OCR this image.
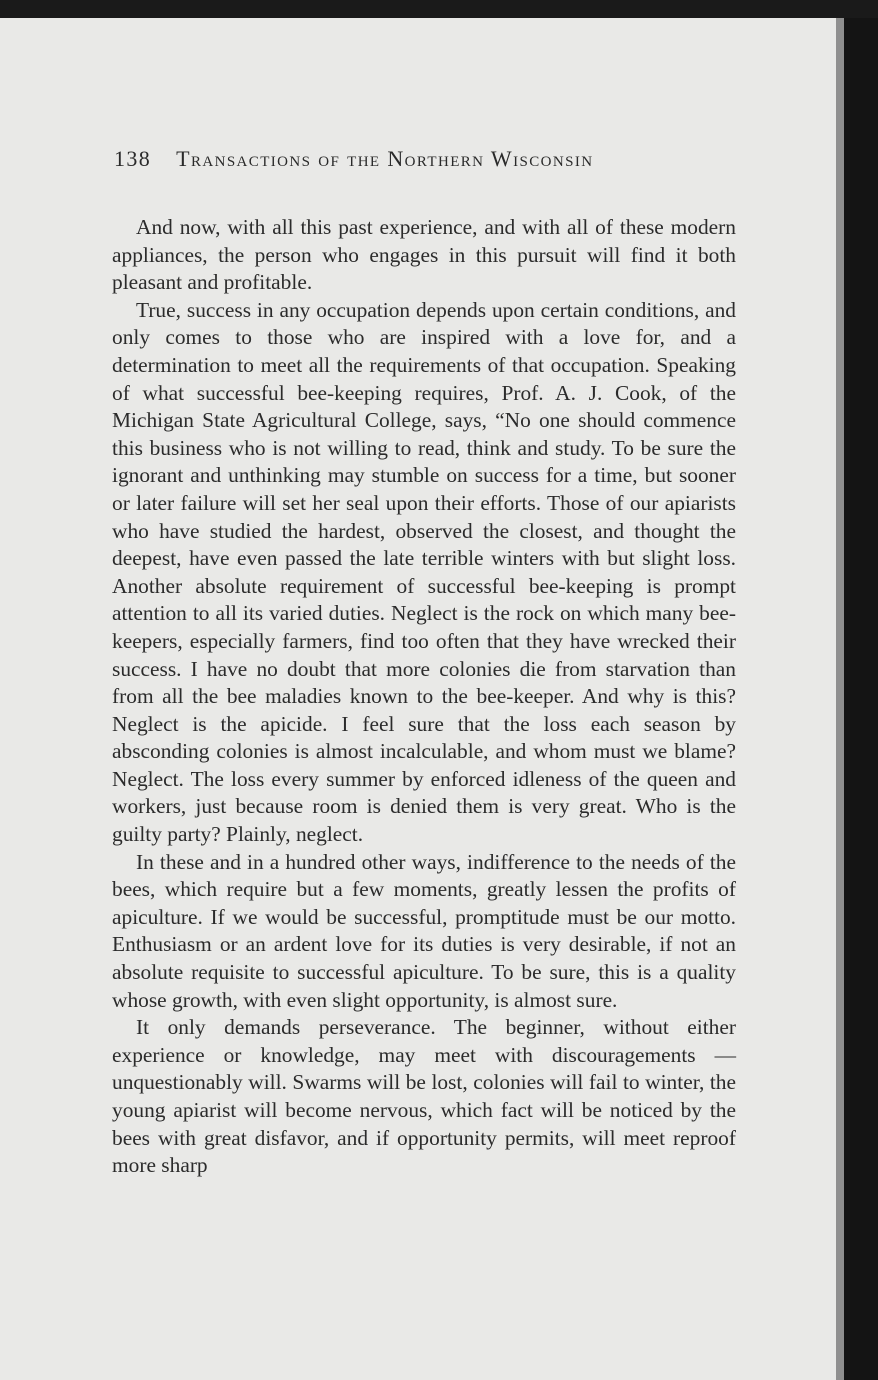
138 Transactions of the Northern Wisconsin

And now, with all this past experience, and with all of these modern appliances, the person who engages in this pursuit will find it both pleasant and profitable.

True, success in any occupation depends upon certain conditions, and only comes to those who are inspired with a love for, and a determination to meet all the requirements of that occupation. Speaking of what successful bee-keeping requires, Prof. A. J. Cook, of the Michigan State Agricultural College, says, “No one should commence this business who is not willing to read, think and study. To be sure the ignorant and unthinking may stumble on success for a time, but sooner or later failure will set her seal upon their efforts. Those of our apiarists who have studied the hardest, observed the closest, and thought the deepest, have even passed the late terrible winters with but slight loss. Another absolute requirement of successful bee-keeping is prompt attention to all its varied duties. Neglect is the rock on which many bee-keepers, especially farmers, find too often that they have wrecked their success. I have no doubt that more colonies die from starvation than from all the bee maladies known to the bee-keeper. And why is this? Neglect is the apicide. I feel sure that the loss each season by absconding colonies is almost incalculable, and whom must we blame? Neglect. The loss every summer by enforced idleness of the queen and workers, just because room is denied them is very great. Who is the guilty party? Plainly, neglect.

In these and in a hundred other ways, indifference to the needs of the bees, which require but a few moments, greatly lessen the profits of apiculture. If we would be successful, promptitude must be our motto. Enthusiasm or an ardent love for its duties is very desirable, if not an absolute requisite to successful apiculture. To be sure, this is a quality whose growth, with even slight opportunity, is almost sure.

It only demands perseverance. The beginner, without either experience or knowledge, may meet with discouragements — unquestionably will. Swarms will be lost, colonies will fail to winter, the young apiarist will become nervous, which fact will be noticed by the bees with great disfavor, and if opportunity permits, will meet reproof more sharp
